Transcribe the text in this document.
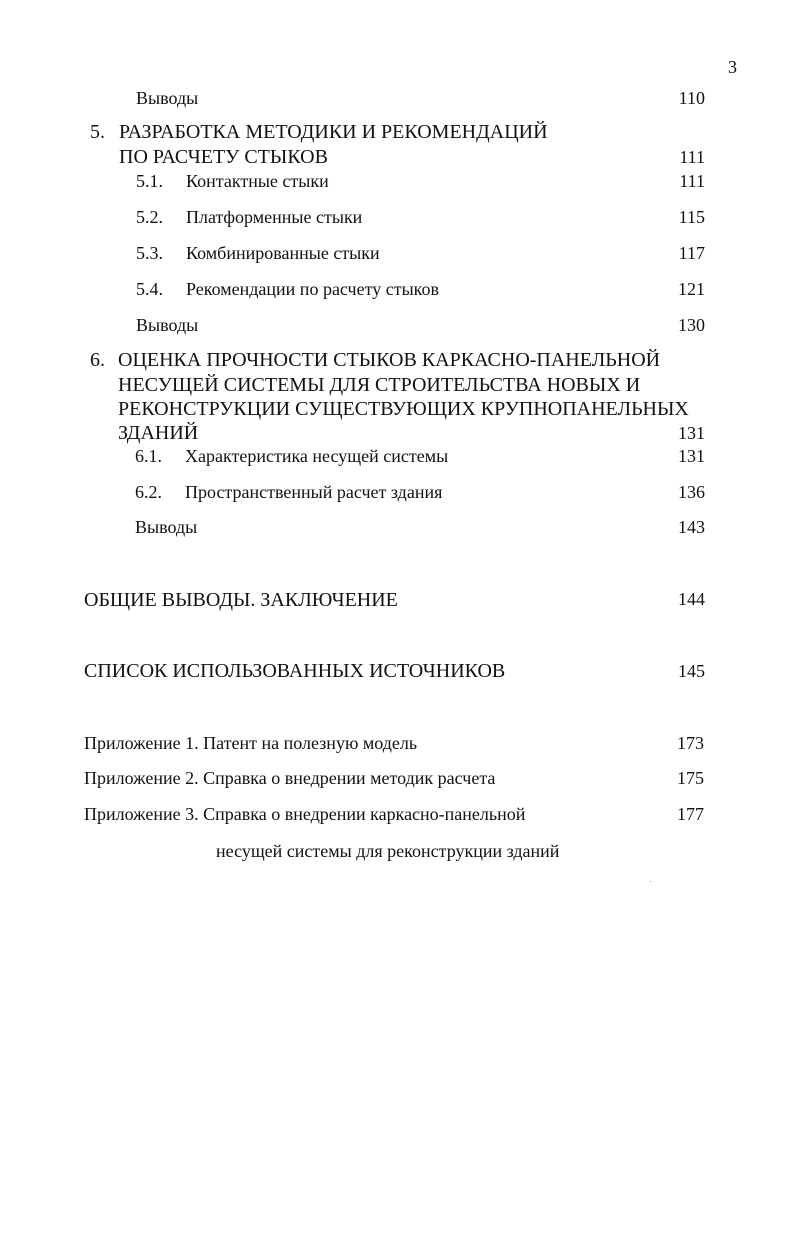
3
Выводы	110
5. РАЗРАБОТКА МЕТОДИКИ И РЕКОМЕНДАЦИЙ
ПО РАСЧЕТУ СТЫКОВ	111
5.1. Контактные стыки	111
5.2. Платформенные стыки	115
5.3. Комбинированные стыки	117
5.4. Рекомендации по расчету стыков	121
Выводы	130
6. ОЦЕНКА ПРОЧНОСТИ СТЫКОВ КАРКАСНО-ПАНЕЛЬНОЙ
НЕСУЩЕЙ СИСТЕМЫ ДЛЯ СТРОИТЕЛЬСТВА НОВЫХ И
РЕКОНСТРУКЦИИ СУЩЕСТВУЮЩИХ КРУПНОПАНЕЛЬНЫХ
ЗДАНИЙ	131
6.1. Характеристика несущей системы	131
6.2. Пространственный расчет здания	136
Выводы	143
ОБЩИЕ ВЫВОДЫ. ЗАКЛЮЧЕНИЕ	144
СПИСОК ИСПОЛЬЗОВАННЫХ ИСТОЧНИКОВ	145
Приложение 1. Патент на полезную модель	173
Приложение 2. Справка о внедрении методик расчета	175
Приложение 3. Справка о внедрении каркасно-панельной	177
несущей системы для реконструкции зданий
